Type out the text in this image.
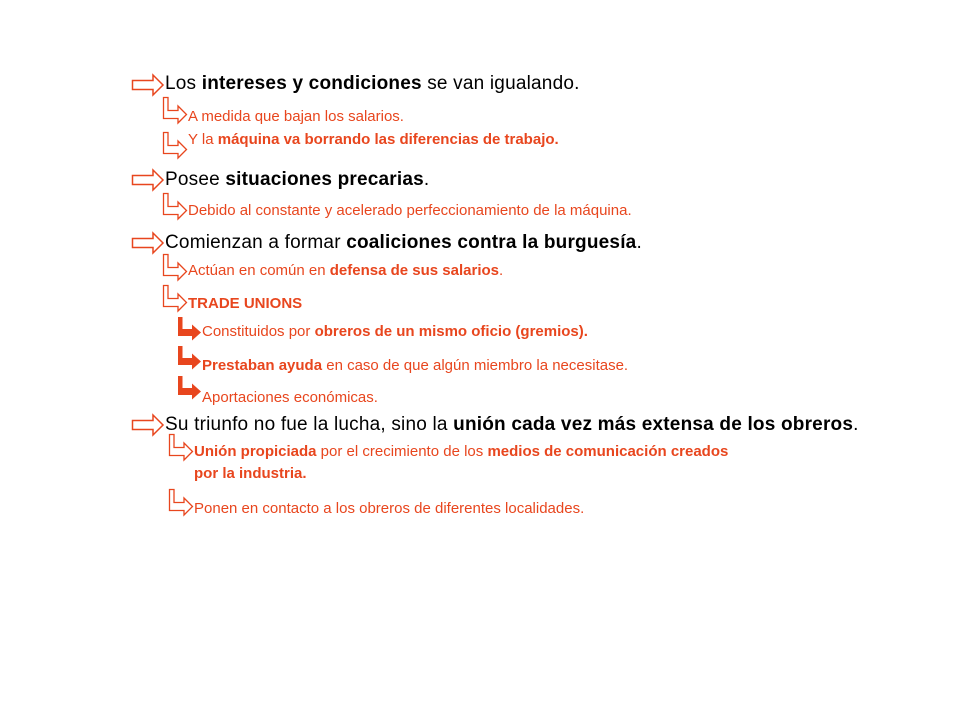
Los intereses y condiciones se van igualando.
A medida que bajan los salarios.
Y la máquina va borrando las diferencias de trabajo.
Posee situaciones precarias.
Debido al constante y acelerado perfeccionamiento de la máquina.
Comienzan a formar coaliciones contra la burguesía.
Actúan en común en defensa de sus salarios.
TRADE UNIONS
Constituidos por obreros de un mismo oficio (gremios).
Prestaban ayuda en caso de que algún miembro la necesitase.
Aportaciones económicas.
Su triunfo no fue la lucha, sino la unión cada vez más extensa de los obreros.
Unión propiciada por el crecimiento de los medios de comunicación creados
por la industria.
Ponen en contacto a los obreros de diferentes localidades.
